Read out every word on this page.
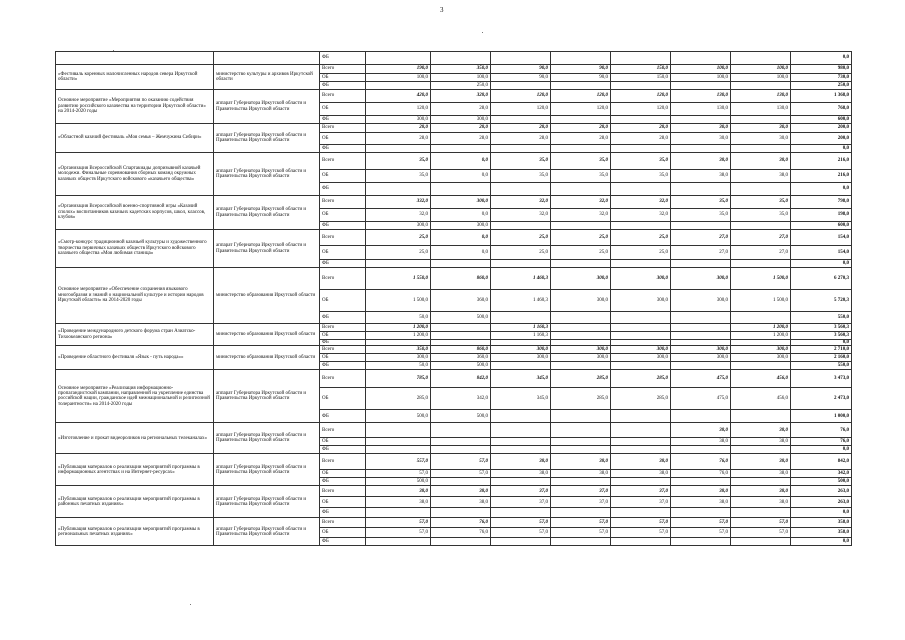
3
		ФБ								0,0
«Фестиваль коренных малочисленных народов севера Иркутской области»	министерство культуры и архивов Иркутской области	Всего	190,0	350,0	90,0	90,0	150,0	100,0	100,0	980,0
		ОБ	100,0	100,0	90,0	90,0	150,0	100,0	100,0	730,0
		ФБ		250,0						250,0
Основное мероприятие «Мероприятия по оказанию содействия развитию российского казачества на территории Иркутской области» на 2014-2020 годы	аппарат Губернатора Иркутской области и Правительства Иркутской области	Всего	420,0	328,0	120,0	120,0	120,0	130,0	130,0	1 368,0
		ОБ	120,0	28,0	120,0	120,0	120,0	130,0	130,0	768,0
		ФБ	300,0	300,0						600,0
«Областной казачий фестиваль «Моя семья – Жемчужина Сибири»	аппарат Губернатора Иркутской области и Правительства Иркутской области	Всего	28,0	28,0	28,0	28,0	28,0	30,0	30,0	200,0
		ОБ	28,0	28,0	28,0	28,0	28,0	30,0	30,0	200,0
		ФБ								0,0
«Организация Всероссийской Спартакиады допризывной казачьей молодежи. Финальные соревнования сборных команд окружных казачьих обществ Иркутского войскового «казачьего общества»	аппарат Губернатора Иркутской области и Правительства Иркутской области	Всего	35,0	0,0	35,0	35,0	35,0	38,0	38,0	216,0
		ОБ	35,0	0,0	35,0	35,0	35,0	38,0	38,0	216,0
		ФБ								0,0
«Организация Всероссийской военно-спортивной игры «Казачий сполох» воспитанников казачьих кадетских корпусов, школ, классов, клубов»	аппарат Губернатора Иркутской области и Правительства Иркутской области	Всего	332,0	300,0	32,0	32,0	32,0	35,0	35,0	798,0
		ОБ	32,0	0,0	32,0	32,0	32,0	35,0	35,0	198,0
		ФБ	300,0	300,0						600,0
«Смотр-конкурс традиционной казачьей культуры и художественного творчества первичных казачьих обществ Иркутского войскового казачьего общества «Моя любимая станица»	аппарат Губернатора Иркутской области и Правительства Иркутской области	Всего	25,0	0,0	25,0	25,0	25,0	27,0	27,0	154,0
		ОБ	25,0	0,0	25,0	25,0	25,0	27,0	27,0	154,0
		ФБ								0,0
Основное мероприятие «Обеспечение сохранения языкового многообразия и знаний о национальной культуре и истории народов Иркутской области» на 2014-2020 годы	министерство образования Иркутской области	Всего	1 550,0	860,0	1 460,3	300,0	300,0	300,0	1 500,0	6 270,3
		ОБ	1 500,0	360,0	1 460,3	300,0	300,0	300,0	1 500,0	5 720,3
		ФБ	50,0	500,0						550,0
«Проведение международного детского форума стран Азиатско-Тихоокеанского региона»	министерство образования Иркутской области	Всего	1 200,0		1 160,3				1 200,0	3 560,3
		ОБ	1 200,0		1 160,3				1 200,0	3 560,3
		ФБ								0,0
«Проведение областного фестиваля «Язык - путь народа»»	министерство образования Иркутской области	Всего	350,0	860,0	300,0	300,0	300,0	300,0	300,0	2 710,0
		ОБ	300,0	360,0	300,0	300,0	300,0	300,0	300,0	2 160,0
		ФБ	50,0	500,0						550,0
Основное мероприятие «Реализация информационно-пропагандистской кампании, направленной на укрепление единства российской нации, гражданское идей межнациональной и религиозной толерантности» на 2014-2020 годы	аппарат Губернатора Иркутской области и Правительства Иркутской области	Всего	785,0	842,0	345,0	285,0	285,0	475,0	456,0	3 473,0
		ОБ	285,0	342,0	345,0	285,0	285,0	475,0	456,0	2 473,0
		ФБ	500,0	500,0						1 000,0
«Изготовление и прокат видеороликов на региональных телеканалах»	аппарат Губернатора Иркутской области и Правительства Иркутской области	Всего						38,0	38,0	76,0
		ОБ						38,0	38,0	76,0
		ФБ								0,0
«Публикация материалов о реализации мероприятий программы в информационных агентствах и на Интернет-ресурсах»	аппарат Губернатора Иркутской области и Правительства Иркутской области	Всего	557,0	57,0	38,0	38,0	38,0	76,0	38,0	842,0
		ОБ	57,0	57,0	38,0	38,0	38,0	76,0	38,0	342,0
		ФБ	500,0							500,0
«Публикация материалов о реализации мероприятий программы в районных печатных изданиях»	аппарат Губернатора Иркутской области и Правительства Иркутской области	Всего	38,0	38,0	37,0	37,0	37,0	38,0	38,0	263,0
		ОБ	38,0	38,0	37,0	37,0	37,0	38,0	38,0	263,0
		ФБ								0,0
«Публикация материалов о реализации мероприятий программы в региональных печатных изданиях»	аппарат Губернатора Иркутской области и Правительства Иркутской области	Всего	57,0	76,0	57,0	57,0	57,0	57,0	57,0	358,0
		ОБ	57,0	76,0	57,0	57,0	57,0	57,0	57,0	358,0
		ФБ								0,0
